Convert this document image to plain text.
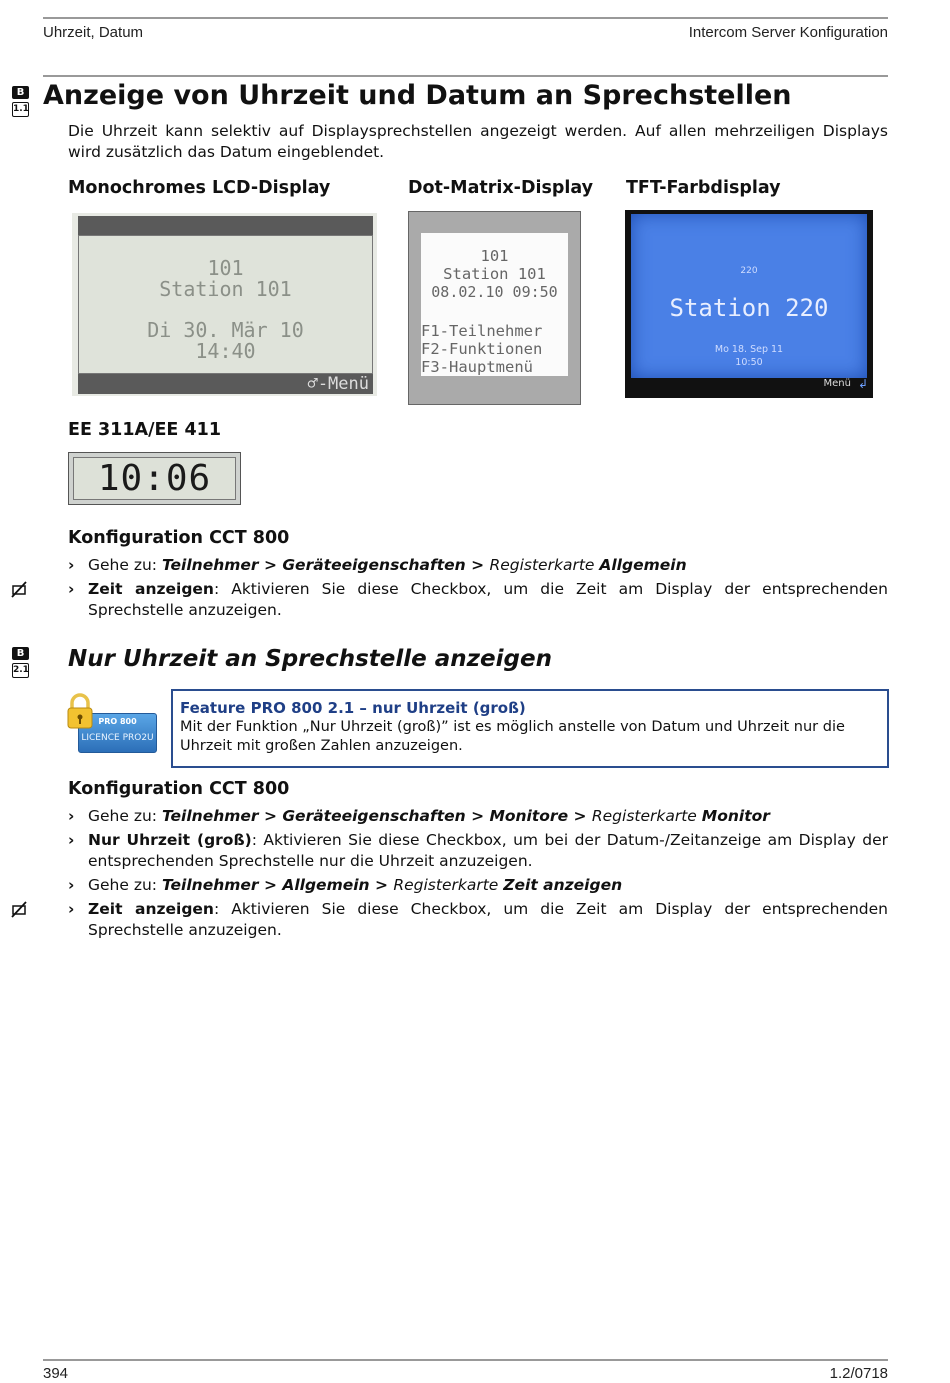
Uhrzeit, Datum	Intercom Server Konfiguration
B
1.1 Anzeige von Uhrzeit und Datum an Sprechstellen
Die Uhrzeit kann selektiv auf Displaysprechstellen angezeigt werden. Auf allen mehrzeiligen Displays wird zusätzlich das Datum eingeblendet.
Monochromes LCD-Display	Dot-Matrix-Display TFT-Farbdisplay
101
Station 101
Di 30. Mär 10
14:40
♂-Menü
101
Station 101
08.02.10 09:50
F1-Teilnehmer
F2-Funktionen
F3-Hauptmenü
220
Station 220
Mo 18. Sep 11
10:50
Menü ↲
EE 311A/EE 411
10:06
Konfiguration CCT 800
› Gehe zu: Teilnehmer > Geräteeigenschaften > Registerkarte Allgemein
› Zeit anzeigen: Aktivieren Sie diese Checkbox, um die Zeit am Display der entsprechenden Sprechstelle anzuzeigen.
B
2.1 Nur Uhrzeit an Sprechstelle anzeigen
PRO 800
LICENCE PRO2U
Feature PRO 800 2.1 – nur Uhrzeit (groß)
Mit der Funktion „Nur Uhrzeit (groß)” ist es möglich anstelle von Datum und Uhrzeit nur die Uhrzeit mit großen Zahlen anzuzeigen.
Konfiguration CCT 800
› Gehe zu: Teilnehmer > Geräteeigenschaften > Monitore > Registerkarte Monitor
› Nur Uhrzeit (groß): Aktivieren Sie diese Checkbox, um bei der Datum-/Zeitanzeige am Display der entsprechenden Sprechstelle nur die Uhrzeit anzuzeigen.
› Gehe zu: Teilnehmer > Allgemein > Registerkarte Zeit anzeigen
› Zeit anzeigen: Aktivieren Sie diese Checkbox, um die Zeit am Display der entsprechenden Sprechstelle anzuzeigen.
394	1.2/0718
